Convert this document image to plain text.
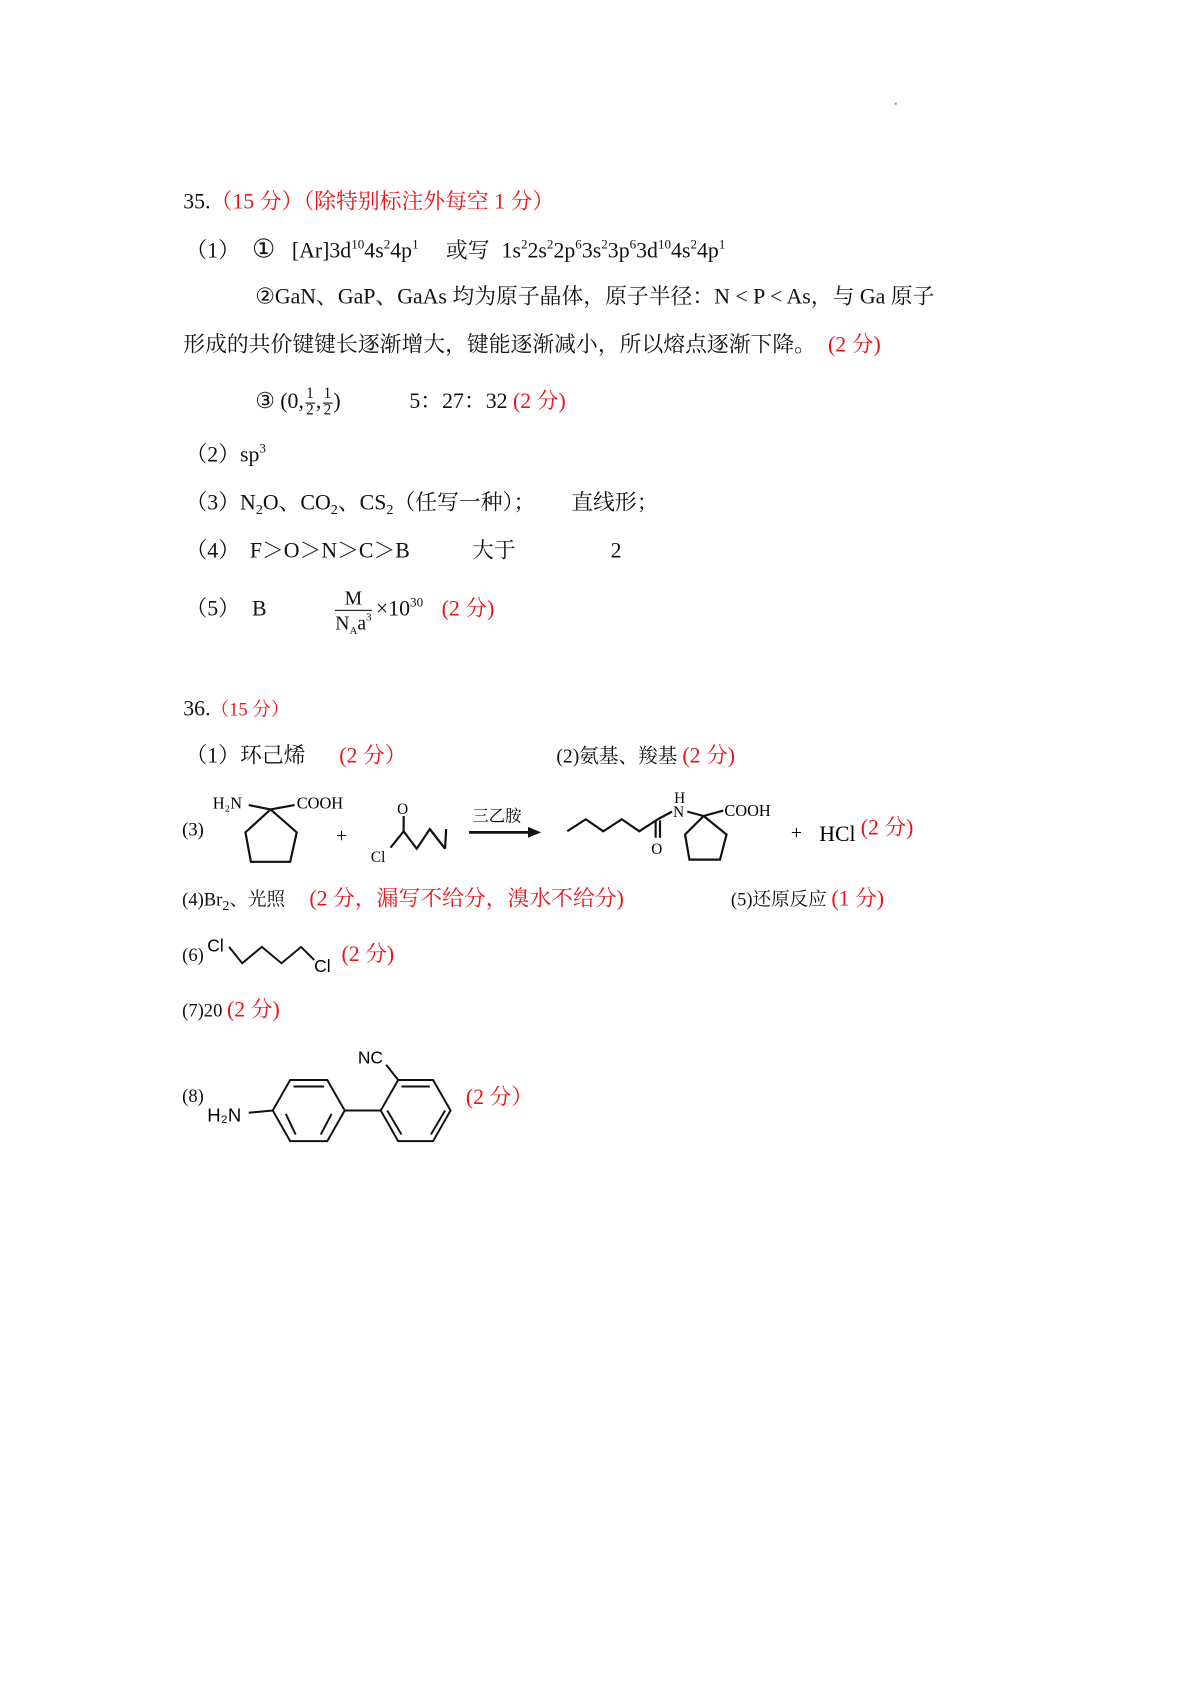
35.（15 分）（除特别标注外每空 1 分）
（1） ① $[Ar]3d^{10}4s^24p^1$ 或写 $1s^22s^22p^63s^23p^63d^{10}4s^24p^1$
②GaN、GaP、GaAs 均为原子晶体，原子半径：N < P < As，与 Ga 原子
形成的共价键键长逐渐增大，键能逐渐减小，所以熔点逐渐下降。 (2 分)
③ (0, $\frac{1}{2}$ , $\frac{1}{2}$ )	5：27：32 (2 分)
$(2)sp^3$
$(3)N_2O$、$CO_2$、$CS_2$（任写一种）； 直线形；
（4） F＞O＞N＞C＞B	大于	2
（5） B	$\frac{M}{N_Aa^3} \times 10^{30}$ (2 分)
36.（15 分）
（1）环己烯 (2 分）	(2)氨基、羧基 (2 分)
(3)
H₂N	COOH
+
O
Cl
三乙胺
H
N
O
COOH
+ HCl (2 分)
Cl
Cl
H₂N
NC
$(4)Br_2$、光照 (2 分，漏写不给分，溴水不给分)	(5)还原反应 (1 分)
(6)	(2 分)
(7)20 (2 分)
(8)	(2 分）
